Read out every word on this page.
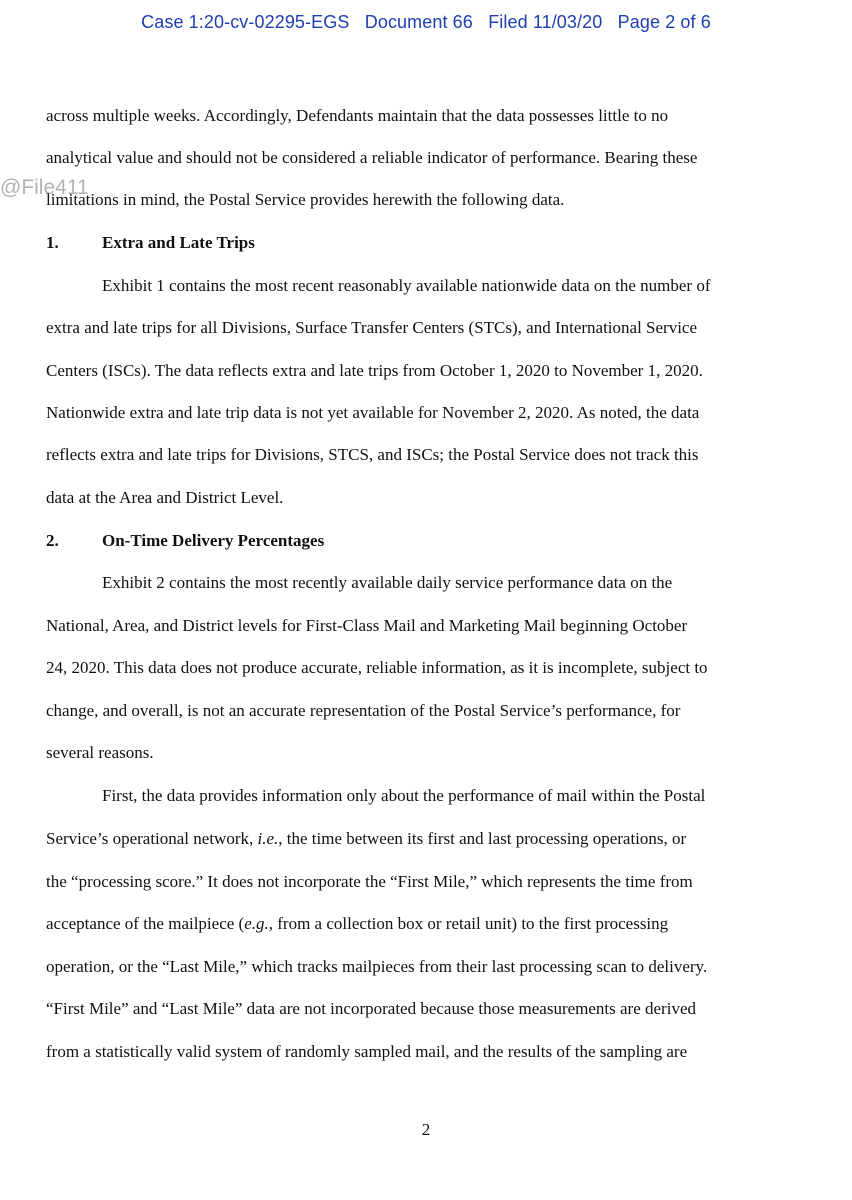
Case 1:20-cv-02295-EGS   Document 66   Filed 11/03/20   Page 2 of 6
@File411
across multiple weeks. Accordingly, Defendants maintain that the data possesses little to no
analytical value and should not be considered a reliable indicator of performance. Bearing these
limitations in mind, the Postal Service provides herewith the following data.
1.	Extra and Late Trips
Exhibit 1 contains the most recent reasonably available nationwide data on the number of
extra and late trips for all Divisions, Surface Transfer Centers (STCs), and International Service
Centers (ISCs). The data reflects extra and late trips from October 1, 2020 to November 1, 2020.
Nationwide extra and late trip data is not yet available for November 2, 2020. As noted, the data
reflects extra and late trips for Divisions, STCS, and ISCs; the Postal Service does not track this
data at the Area and District Level.
2.	On-Time Delivery Percentages
Exhibit 2 contains the most recently available daily service performance data on the
National, Area, and District levels for First-Class Mail and Marketing Mail beginning October
24, 2020. This data does not produce accurate, reliable information, as it is incomplete, subject to
change, and overall, is not an accurate representation of the Postal Service’s performance, for
several reasons.
First, the data provides information only about the performance of mail within the Postal
Service’s operational network, i.e., the time between its first and last processing operations, or
the “processing score.” It does not incorporate the “First Mile,” which represents the time from
acceptance of the mailpiece (e.g., from a collection box or retail unit) to the first processing
operation, or the “Last Mile,” which tracks mailpieces from their last processing scan to delivery.
“First Mile” and “Last Mile” data are not incorporated because those measurements are derived
from a statistically valid system of randomly sampled mail, and the results of the sampling are
2
